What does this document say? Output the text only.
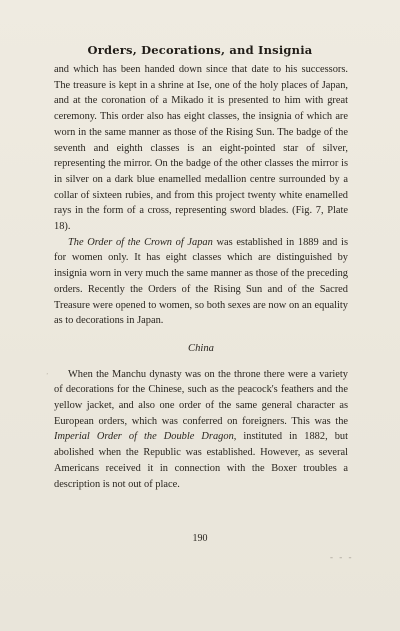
Orders, Decorations, and Insignia

and which has been handed down since that date to his successors. The treasure is kept in a shrine at Ise, one of the holy places of Japan, and at the coronation of a Mikado it is presented to him with great ceremony. This order also has eight classes, the insignia of which are worn in the same manner as those of the Rising Sun. The badge of the seventh and eighth classes is an eight-pointed star of silver, representing the mirror. On the badge of the other classes the mirror is in silver on a dark blue enamelled medallion centre surrounded by a collar of sixteen rubies, and from this project twenty white enamelled rays in the form of a cross, representing sword blades. (Fig. 7, Plate 18).

The Order of the Crown of Japan was established in 1889 and is for women only. It has eight classes which are distinguished by insignia worn in very much the same manner as those of the preceding orders. Recently the Orders of the Rising Sun and of the Sacred Treasure were opened to women, so both sexes are now on an equality as to decorations in Japan.

China

When the Manchu dynasty was on the throne there were a variety of decorations for the Chinese, such as the peacock's feathers and the yellow jacket, and also one order of the same general character as European orders, which was conferred on foreigners. This was the Imperial Order of the Double Dragon, instituted in 1882, but abolished when the Republic was established. However, as several Americans received it in connection with the Boxer troubles a description is not out of place.

190
’
- - -
